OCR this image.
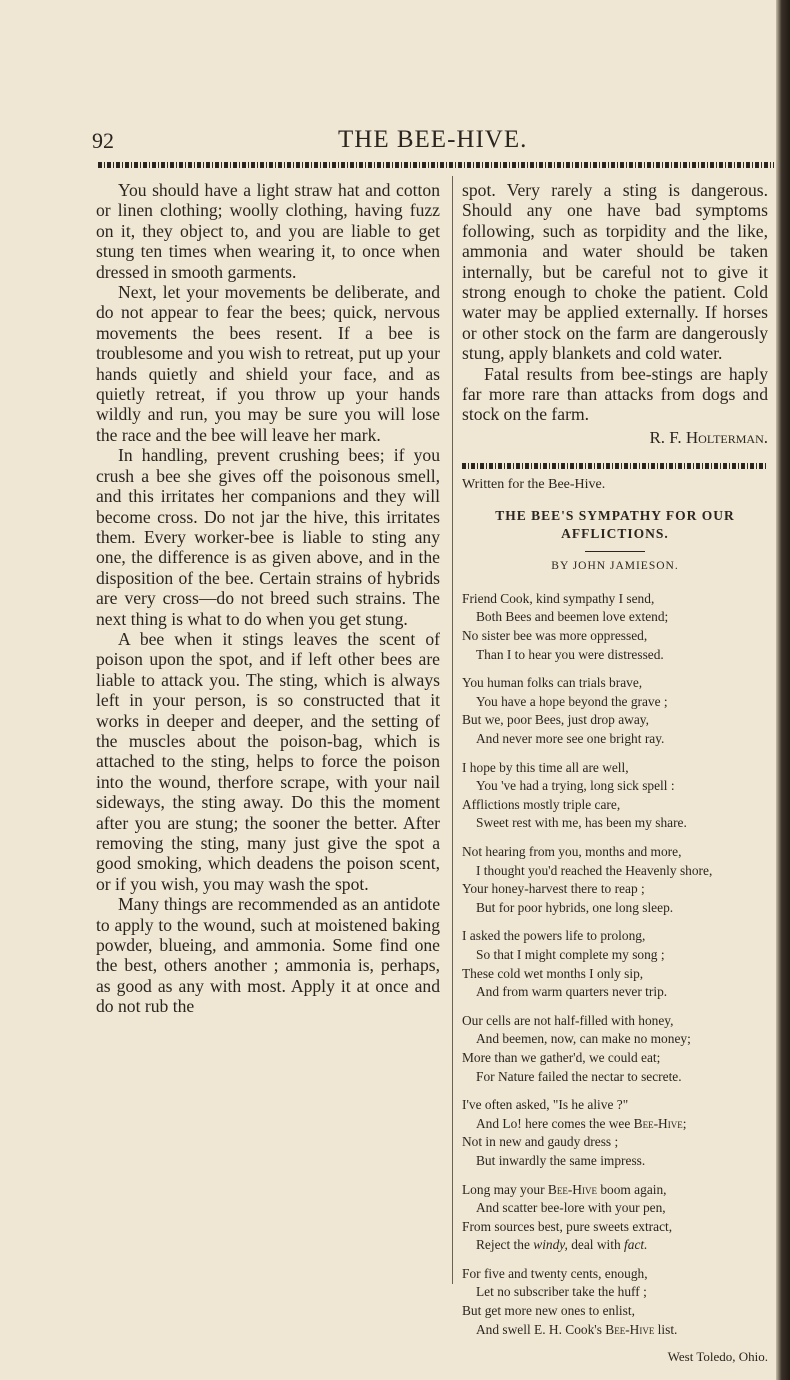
92	THE BEE-HIVE.

You should have a light straw hat and cotton or linen clothing; woolly clothing, having fuzz on it, they object to, and you are liable to get stung ten times when wearing it, to once when dressed in smooth garments.

Next, let your movements be deliberate, and do not appear to fear the bees; quick, nervous movements the bees resent. If a bee is troublesome and you wish to retreat, put up your hands quietly and shield your face, and as quietly retreat, if you throw up your hands wildly and run, you may be sure you will lose the race and the bee will leave her mark.

In handling, prevent crushing bees; if you crush a bee she gives off the poisonous smell, and this irritates her companions and they will become cross. Do not jar the hive, this irritates them. Every worker-bee is liable to sting any one, the difference is as given above, and in the disposition of the bee. Certain strains of hybrids are very cross—do not breed such strains. The next thing is what to do when you get stung.

A bee when it stings leaves the scent of poison upon the spot, and if left other bees are liable to attack you. The sting, which is always left in your person, is so constructed that it works in deeper and deeper, and the setting of the muscles about the poison-bag, which is attached to the sting, helps to force the poison into the wound, therfore scrape, with your nail sideways, the sting away. Do this the moment after you are stung; the sooner the better. After removing the sting, many just give the spot a good smoking, which deadens the poison scent, or if you wish, you may wash the spot.

Many things are recommended as an antidote to apply to the wound, such at moistened baking powder, blueing, and ammonia. Some find one the best, others another ; ammonia is, perhaps, as good as any with most. Apply it at once and do not rub the

spot. Very rarely a sting is dangerous. Should any one have bad symptoms following, such as torpidity and the like, ammonia and water should be taken internally, but be careful not to give it strong enough to choke the patient. Cold water may be applied externally. If horses or other stock on the farm are dangerously stung, apply blankets and cold water.

Fatal results from bee-stings are haply far more rare than attacks from dogs and stock on the farm.

R. F. Holterman.

Written for the Bee-Hive.

THE BEE'S SYMPATHY FOR OUR AFFLICTIONS.

BY JOHN JAMIESON.

Friend Cook, kind sympathy I send,

Both Bees and beemen love extend;

No sister bee was more oppressed,

Than I to hear you were distressed.

You human folks can trials brave,

You have a hope beyond the grave ;

But we, poor Bees, just drop away,

And never more see one bright ray.

I hope by this time all are well,

You 've had a trying, long sick spell :

Afflictions mostly triple care,

Sweet rest with me, has been my share.

Not hearing from you, months and more,

I thought you'd reached the Heavenly shore,

Your honey-harvest there to reap ;

But for poor hybrids, one long sleep.

I asked the powers life to prolong,

So that I might complete my song ;

These cold wet months I only sip,

And from warm quarters never trip.

Our cells are not half-filled with honey,

And beemen, now, can make no money;

More than we gather'd, we could eat;

For Nature failed the nectar to secrete.

I've often asked, "Is he alive ?"

And Lo! here comes the wee Bee-Hive;

Not in new and gaudy dress ;

But inwardly the same impress.

Long may your Bee-Hive boom again,

And scatter bee-lore with your pen,

From sources best, pure sweets extract,

Reject the windy, deal with fact.

For five and twenty cents, enough,

Let no subscriber take the huff ;

But get more new ones to enlist,

And swell E. H. Cook's Bee-Hive list.

West Toledo, Ohio.
